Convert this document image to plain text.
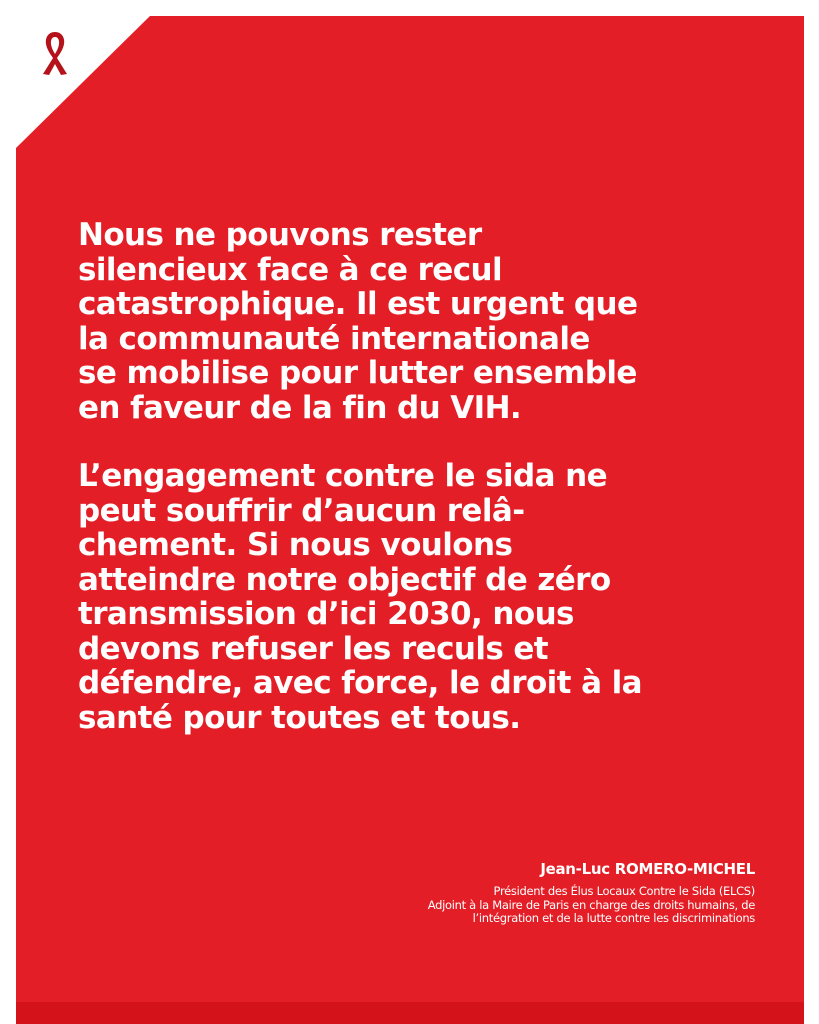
Nous ne pouvons rester
silencieux face à ce recul
catastrophique. Il est urgent que
la communauté internationale
se mobilise pour lutter ensemble
en faveur de la fin du VIH.

L’engagement contre le sida ne
peut souffrir d’aucun relâ-
chement. Si nous voulons
atteindre notre objectif de zéro
transmission d’ici 2030, nous
devons refuser les reculs et
défendre, avec force, le droit à la
santé pour toutes et tous.

Jean-Luc ROMERO-MICHEL
Président des Élus Locaux Contre le Sida (ELCS)
Adjoint à la Maire de Paris en charge des droits humains, de
l’intégration et de la lutte contre les discriminations
